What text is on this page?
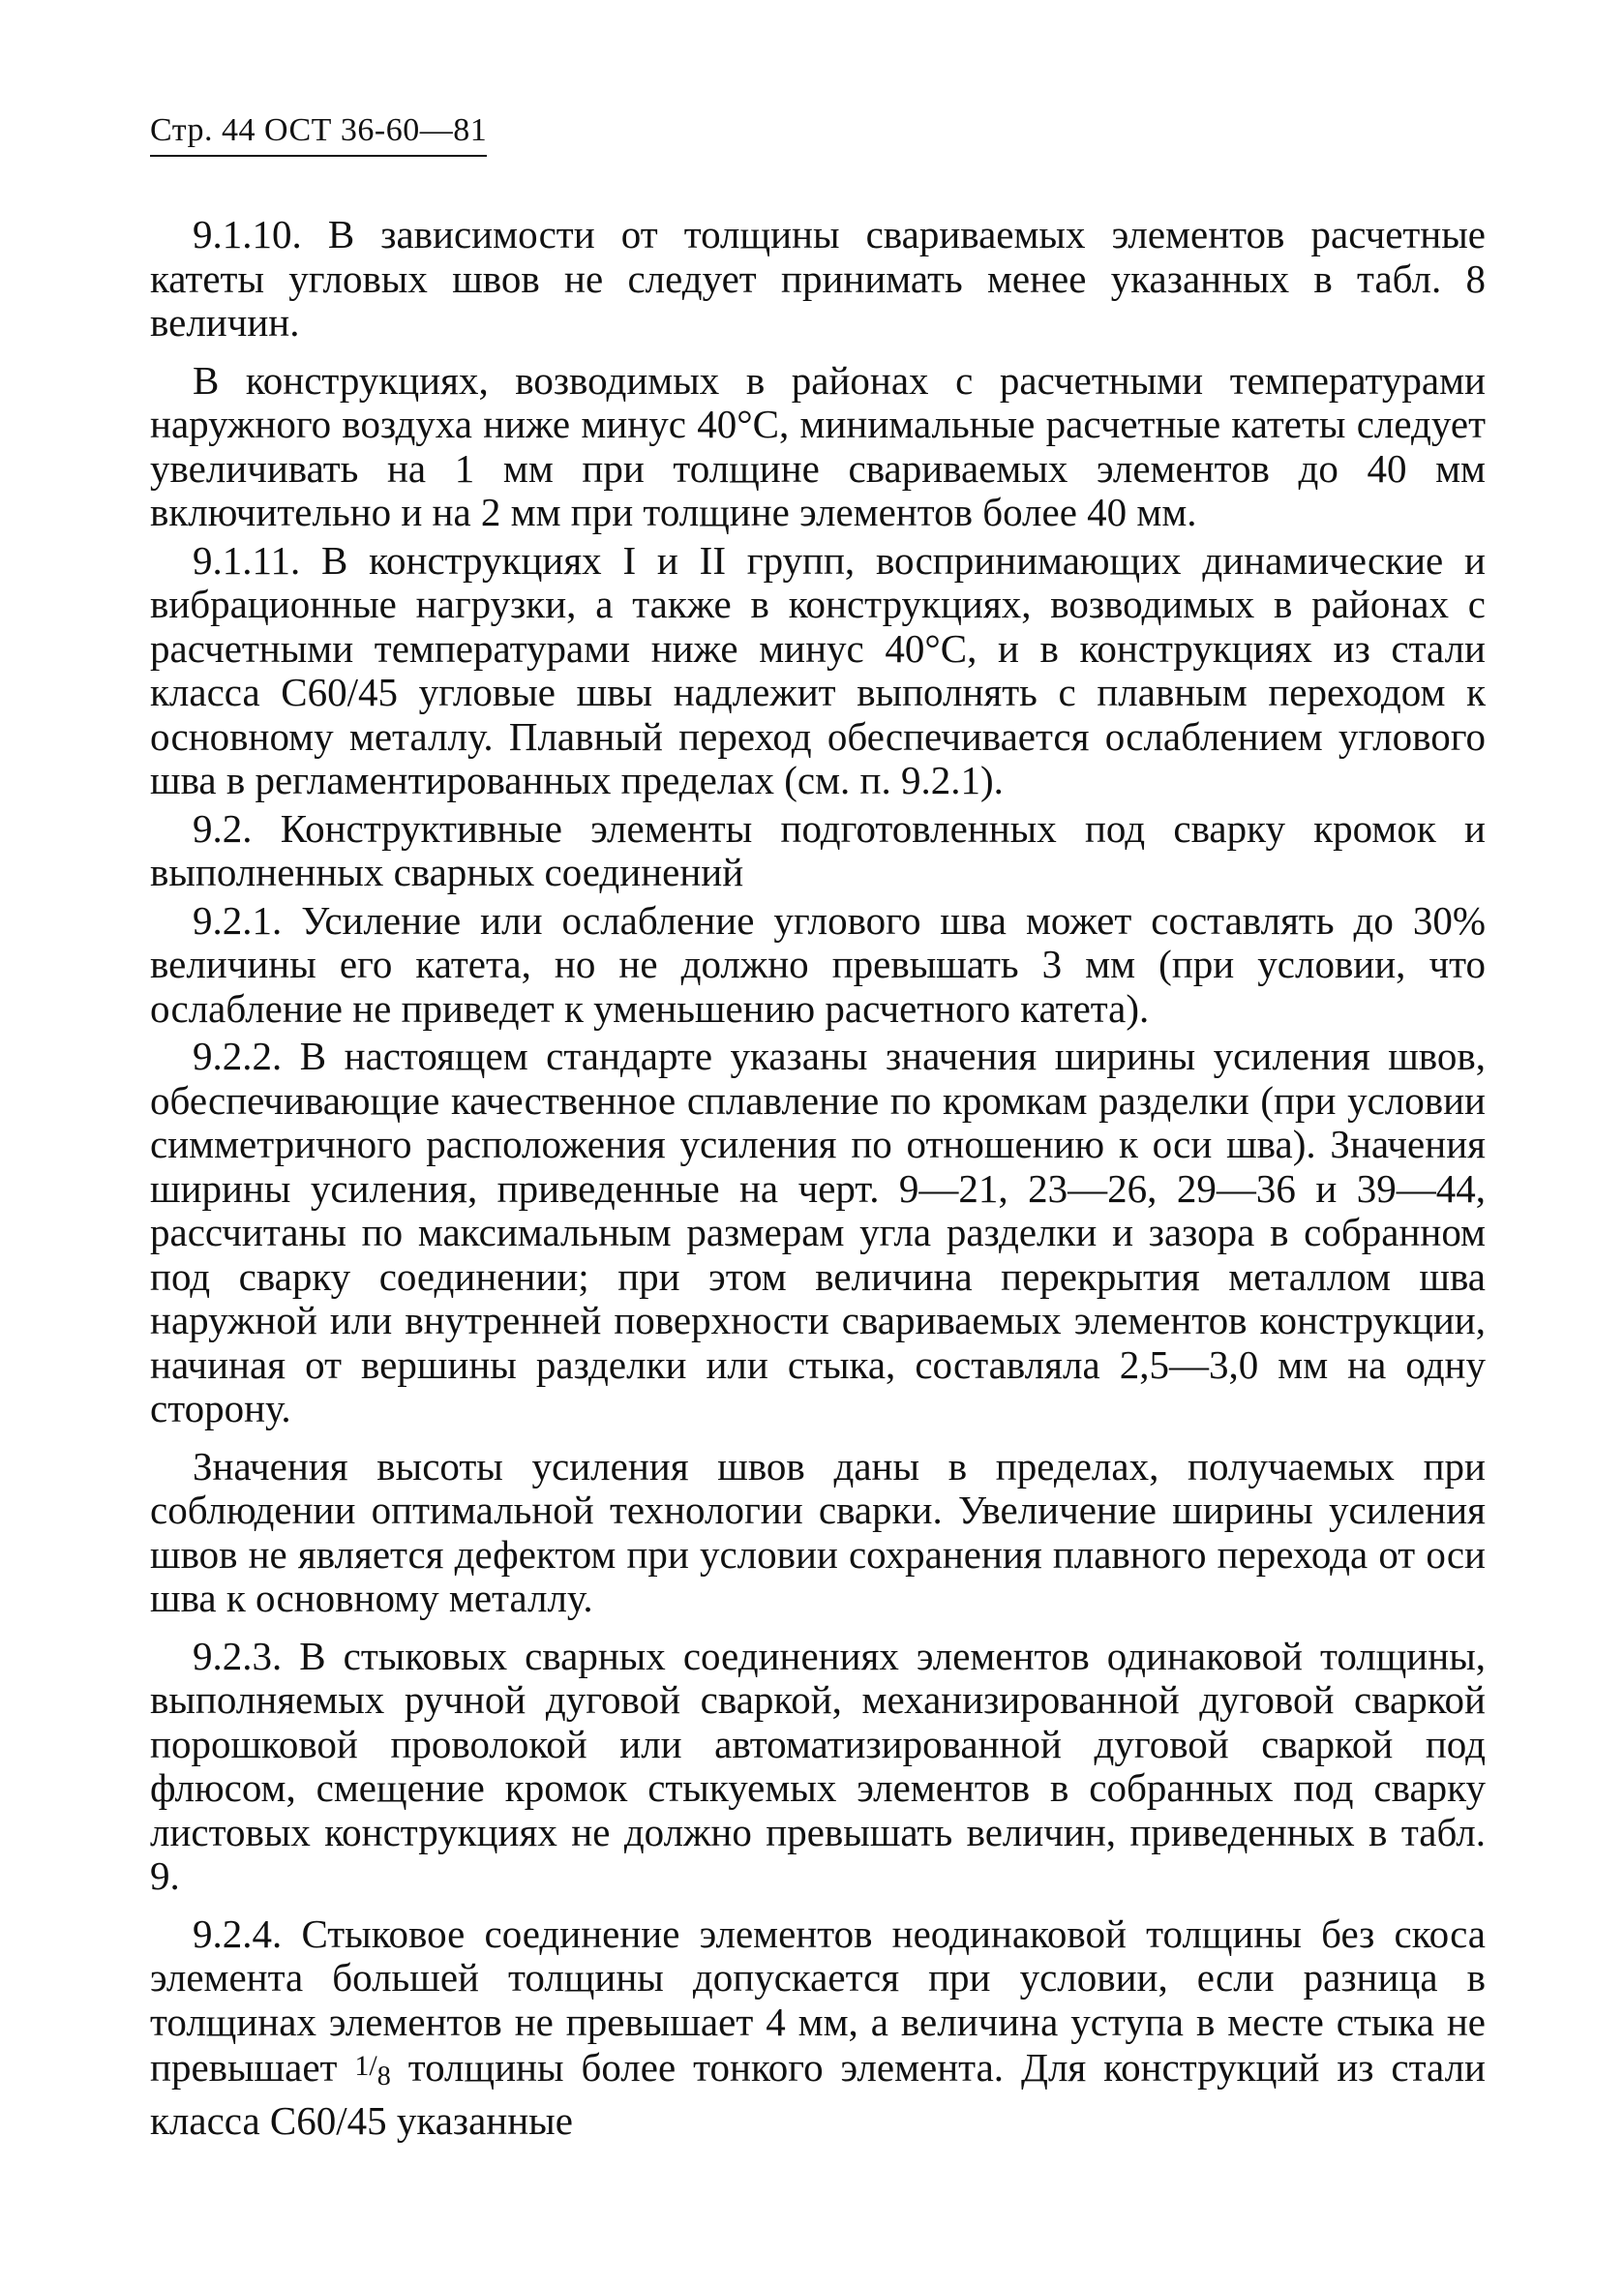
Стр. 44 ОСТ 36-60—81

9.1.10. В зависимости от толщины свариваемых элементов расчетные катеты угловых швов не следует принимать менее указанных в табл. 8 величин.

В конструкциях, возводимых в районах с расчетными температурами наружного воздуха ниже минус 40°С, минимальные расчетные катеты следует увеличивать на 1 мм при толщине свариваемых элементов до 40 мм включительно и на 2 мм при толщине элементов более 40 мм.

9.1.11. В конструкциях I и II групп, воспринимающих динамические и вибрационные нагрузки, а также в конструкциях, возводимых в районах с расчетными температурами ниже минус 40°С, и в конструкциях из стали класса С60/45 угловые швы надлежит выполнять с плавным переходом к основному металлу. Плавный переход обеспечивается ослаблением углового шва в регламентированных пределах (см. п. 9.2.1).

9.2. Конструктивные элементы подготовленных под сварку кромок и выполненных сварных соединений

9.2.1. Усиление или ослабление углового шва может составлять до 30% величины его катета, но не должно превышать 3 мм (при условии, что ослабление не приведет к уменьшению расчетного катета).

9.2.2. В настоящем стандарте указаны значения ширины усиления швов, обеспечивающие качественное сплавление по кромкам разделки (при условии симметричного расположения усиления по отношению к оси шва). Значения ширины усиления, приведенные на черт. 9—21, 23—26, 29—36 и 39—44, рассчитаны по максимальным размерам угла разделки и зазора в собранном под сварку соединении; при этом величина перекрытия металлом шва наружной или внутренней поверхности свариваемых элементов конструкции, начиная от вершины разделки или стыка, составляла 2,5—3,0 мм на одну сторону.

Значения высоты усиления швов даны в пределах, получаемых при соблюдении оптимальной технологии сварки. Увеличение ширины усиления швов не является дефектом при условии сохранения плавного перехода от оси шва к основному металлу.

9.2.3. В стыковых сварных соединениях элементов одинаковой толщины, выполняемых ручной дуговой сваркой, механизированной дуговой сваркой порошковой проволокой или автоматизированной дуговой сваркой под флюсом, смещение кромок стыкуемых элементов в собранных под сварку листовых конструкциях не должно превышать величин, приведенных в табл. 9.

9.2.4. Стыковое соединение элементов неодинаковой толщины без скоса элемента большей толщины допускается при условии, если разница в толщинах элементов не превышает 4 мм, а величина уступа в месте стыка не превышает $1/_8$ толщины более тонкого элемента. Для конструкций из стали класса С60/45 указанные
